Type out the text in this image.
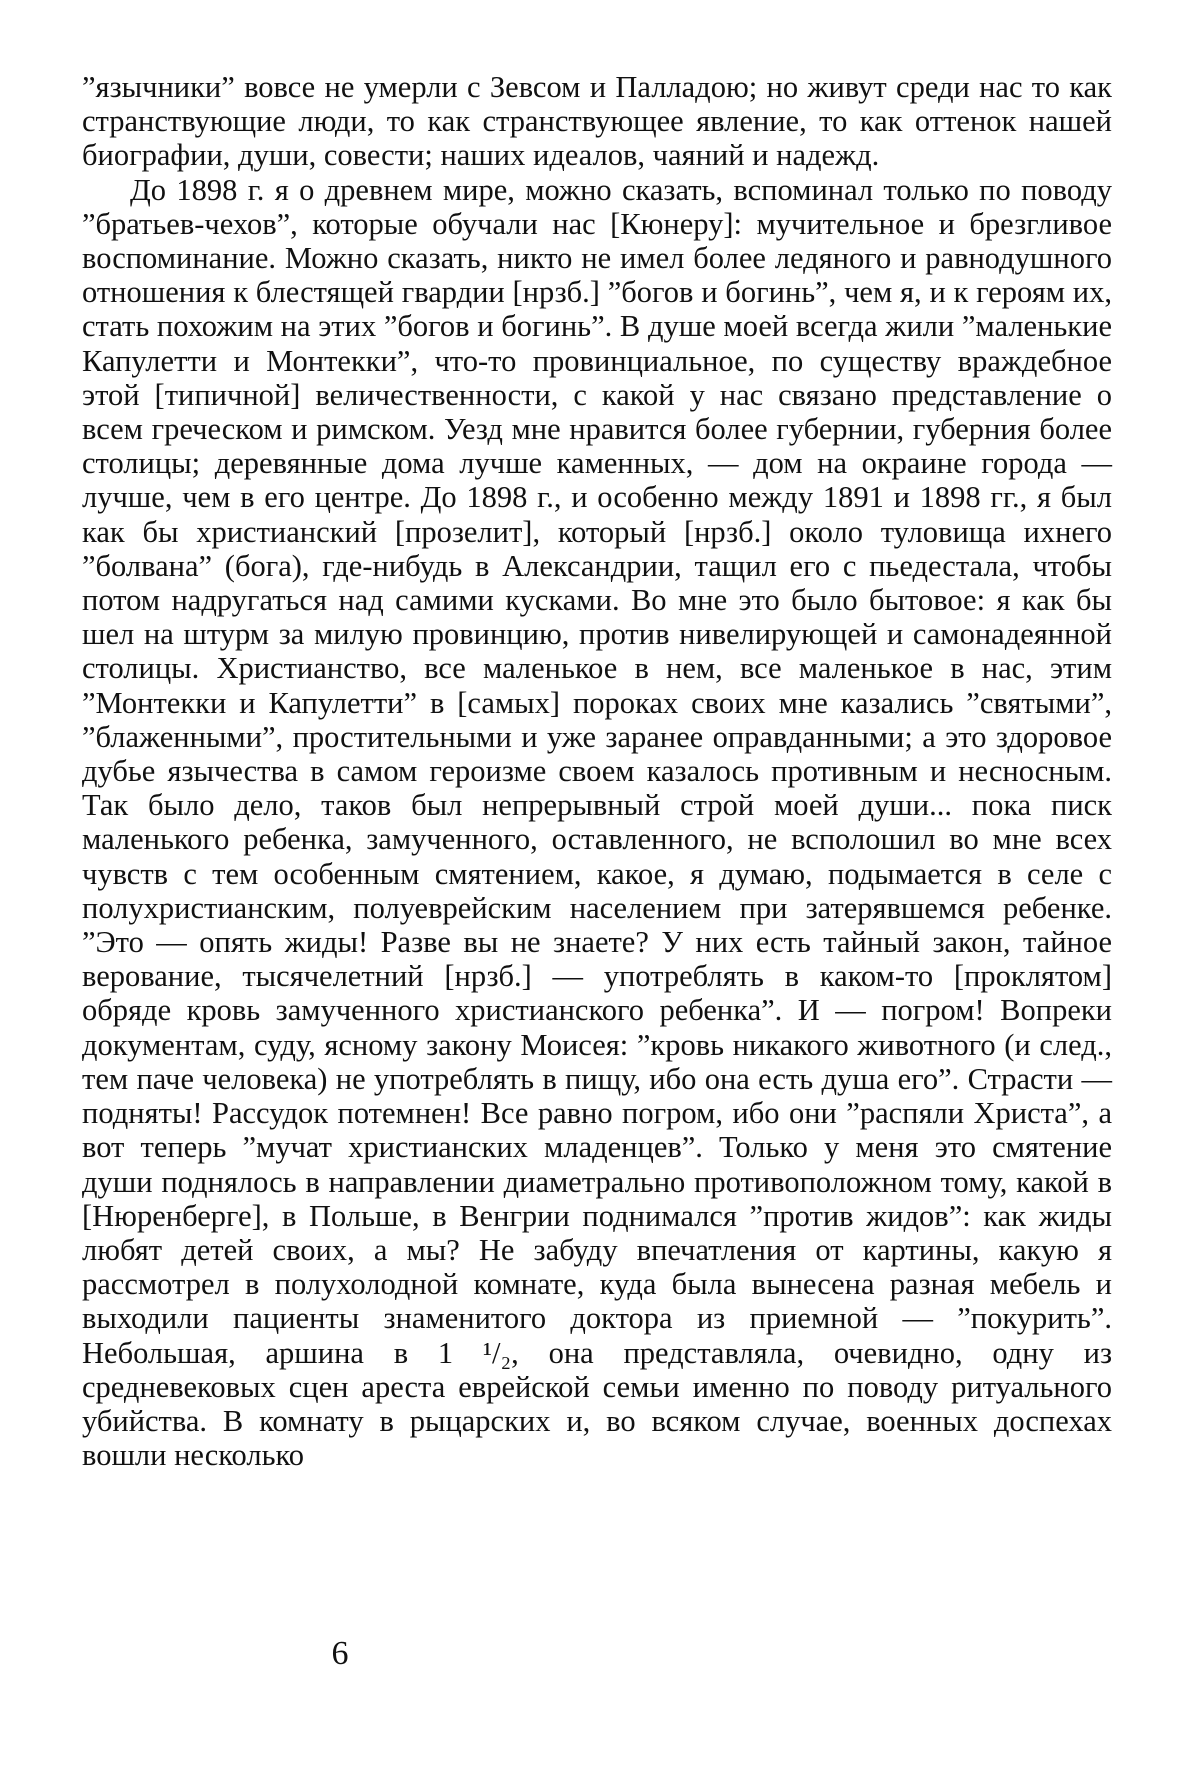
”язычники” вовсе не умерли с Зевсом и Палладою; но живут среди нас то как странствующие люди, то как странствующее явление, то как оттенок нашей биографии, души, совести; наших идеалов, чаяний и надежд.

До 1898 г. я о древнем мире, можно сказать, вспоминал только по поводу ”братьев-чехов”, которые обучали нас [Кюнеру]: мучительное и брезгливое воспоминание. Можно сказать, никто не имел более ледяного и равнодушного отношения к блестящей гвардии [нрзб.] ”богов и богинь”, чем я, и к героям их, стать похожим на этих ”богов и богинь”. В душе моей всегда жили ”маленькие Капулетти и Монтекки”, что-то провинциальное, по существу враждебное этой [типичной] величественности, с какой у нас связано представление о всем греческом и римском. Уезд мне нравится более губернии, губерния более столицы; деревянные дома лучше каменных, — дом на окраине города — лучше, чем в его центре. До 1898 г., и особенно между 1891 и 1898 гг., я был как бы христианский [прозелит], который [нрзб.] около туловища ихнего ”болвана” (бога), где-нибудь в Александрии, тащил его с пьедестала, чтобы потом надругаться над самими кусками. Во мне это было бытовое: я как бы шел на штурм за милую провинцию, против нивелирующей и самонадеянной столицы. Христианство, все маленькое в нем, все маленькое в нас, этим ”Монтекки и Капулетти” в [самых] пороках своих мне казались ”святыми”, ”блаженными”, простительными и уже заранее оправданными; а это здоровое дубье язычества в самом героизме своем казалось противным и несносным. Так было дело, таков был непрерывный строй моей души... пока писк маленького ребенка, замученного, оставленного, не всполошил во мне всех чувств с тем особенным смятением, какое, я думаю, подымается в селе с полухристианским, полуеврейским населением при затерявшемся ребенке. ”Это — опять жиды! Разве вы не знаете? У них есть тайный закон, тайное верование, тысячелетний [нрзб.] — употреблять в каком-то [проклятом] обряде кровь замученного христианского ребенка”. И — погром! Вопреки документам, суду, ясному закону Моисея: ”кровь никакого животного (и след., тем паче человека) не употреблять в пищу, ибо она есть душа его”. Страсти — подняты! Рассудок потемнен! Все равно погром, ибо они ”распяли Христа”, а вот теперь ”мучат христианских младенцев”. Только у меня это смятение души поднялось в направлении диаметрально противоположном тому, какой в [Нюренберге], в Польше, в Венгрии поднимался ”против жидов”: как жиды любят детей своих, а мы? Не забуду впечатления от картины, какую я рассмотрел в полухолодной комнате, куда была вынесена разная мебель и выходили пациенты знаменитого доктора из приемной — ”покурить”. Небольшая, аршина в 1 ¹/₂, она представляла, очевидно, одну из средневековых сцен ареста еврейской семьи именно по поводу ритуального убийства. В комнату в рыцарских и, во всяком случае, военных доспехах вошли несколько

6
